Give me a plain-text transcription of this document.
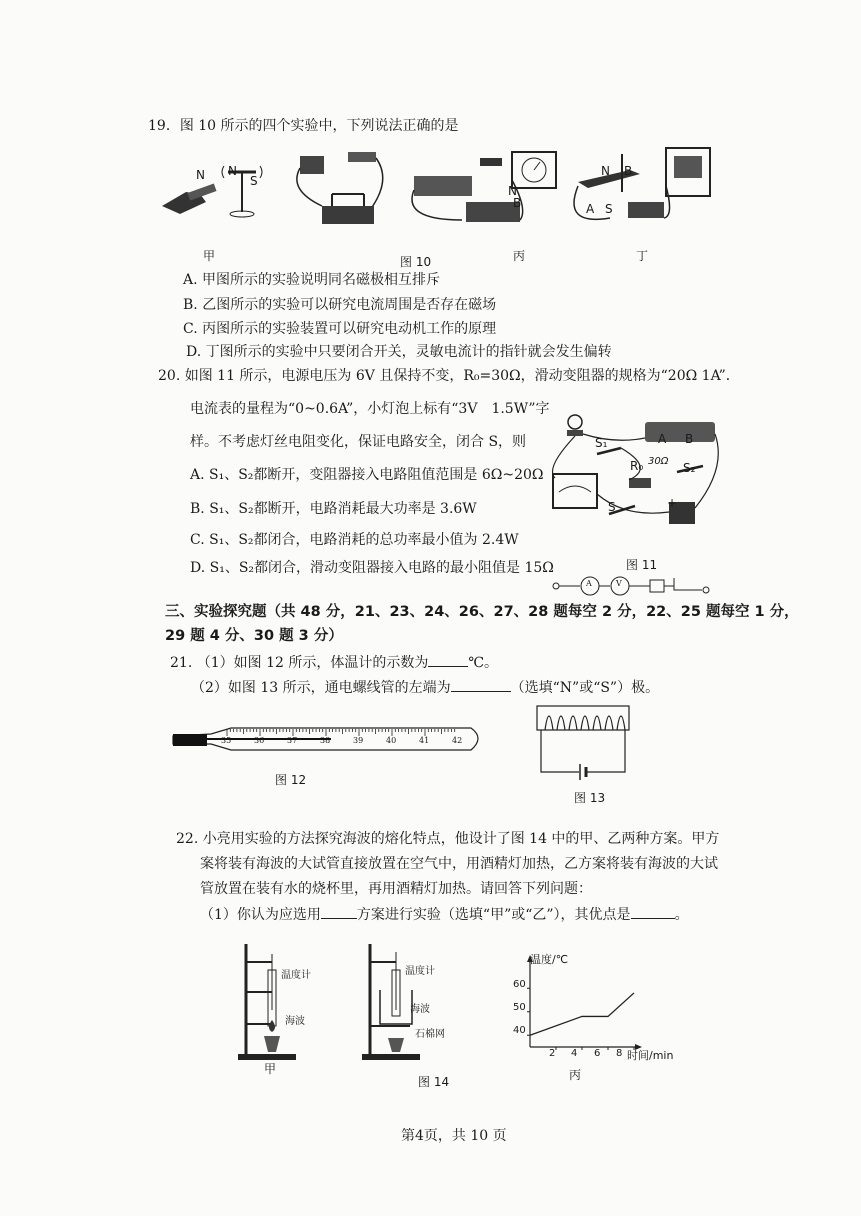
19．图 10 所示的四个实验中，下列说法正确的是
N N
S
N
B
N B
A S
甲	图 10	丙	丁
A. 甲图所示的实验说明同名磁极相互排斥
B. 乙图所示的实验可以研究电流周围是否存在磁场
C. 丙图所示的实验装置可以研究电动机工作的原理
D. 丁图所示的实验中只要闭合开关，灵敏电流计的指针就会发生偏转
20. 如图 11 所示，电源电压为 6V 且保持不变，R₀=30Ω，滑动变阻器的规格为“20Ω 1A”．
电流表的量程为“0~0.6A”，小灯泡上标有“3V　1.5W”字
样。不考虑灯丝电阻变化，保证电路安全，闭合 S，则
A. S₁、S₂都断开，变阻器接入电路阻值范围是 6Ω~20Ω
B. S₁、S₂都断开，电路消耗最大功率是 3.6W
C. S₁、S₂都闭合，电路消耗的总功率最小值为 2.4W
D. S₁、S₂都闭合，滑动变阻器接入电路的最小阻值是 15Ω
S₁	A B
R₀ 30Ω S₂
S	+
图 11
A	V
三、实验探究题（共 48 分，21、23、24、26、27、28 题每空 2 分，22、25 题每空 1 分，
29 题 4 分、30 题 3 分）
21. （1）如图 12 所示，体温计的示数为	℃。
（2）如图 13 所示，通电螺线管的左端为	（选填“N”或“S”）极。
35	36	37	38	39	40	41	42
图 12
图 13
22. 小亮用实验的方法探究海波的熔化特点，他设计了图 14 中的甲、乙两种方案。甲方
案将装有海波的大试管直接放置在空气中，用酒精灯加热，乙方案将装有海波的大试
管放置在装有水的烧杯里，再用酒精灯加热。请回答下列问题：
（1）你认为应选用	方案进行实验（选填“甲”或“乙”），其优点是	。
温度计
海波
甲
温度计
海波
石棉网
图 14
温度/℃
时间/min
60
50
40
2 4 6 8
丙
第4页，共 10 页
